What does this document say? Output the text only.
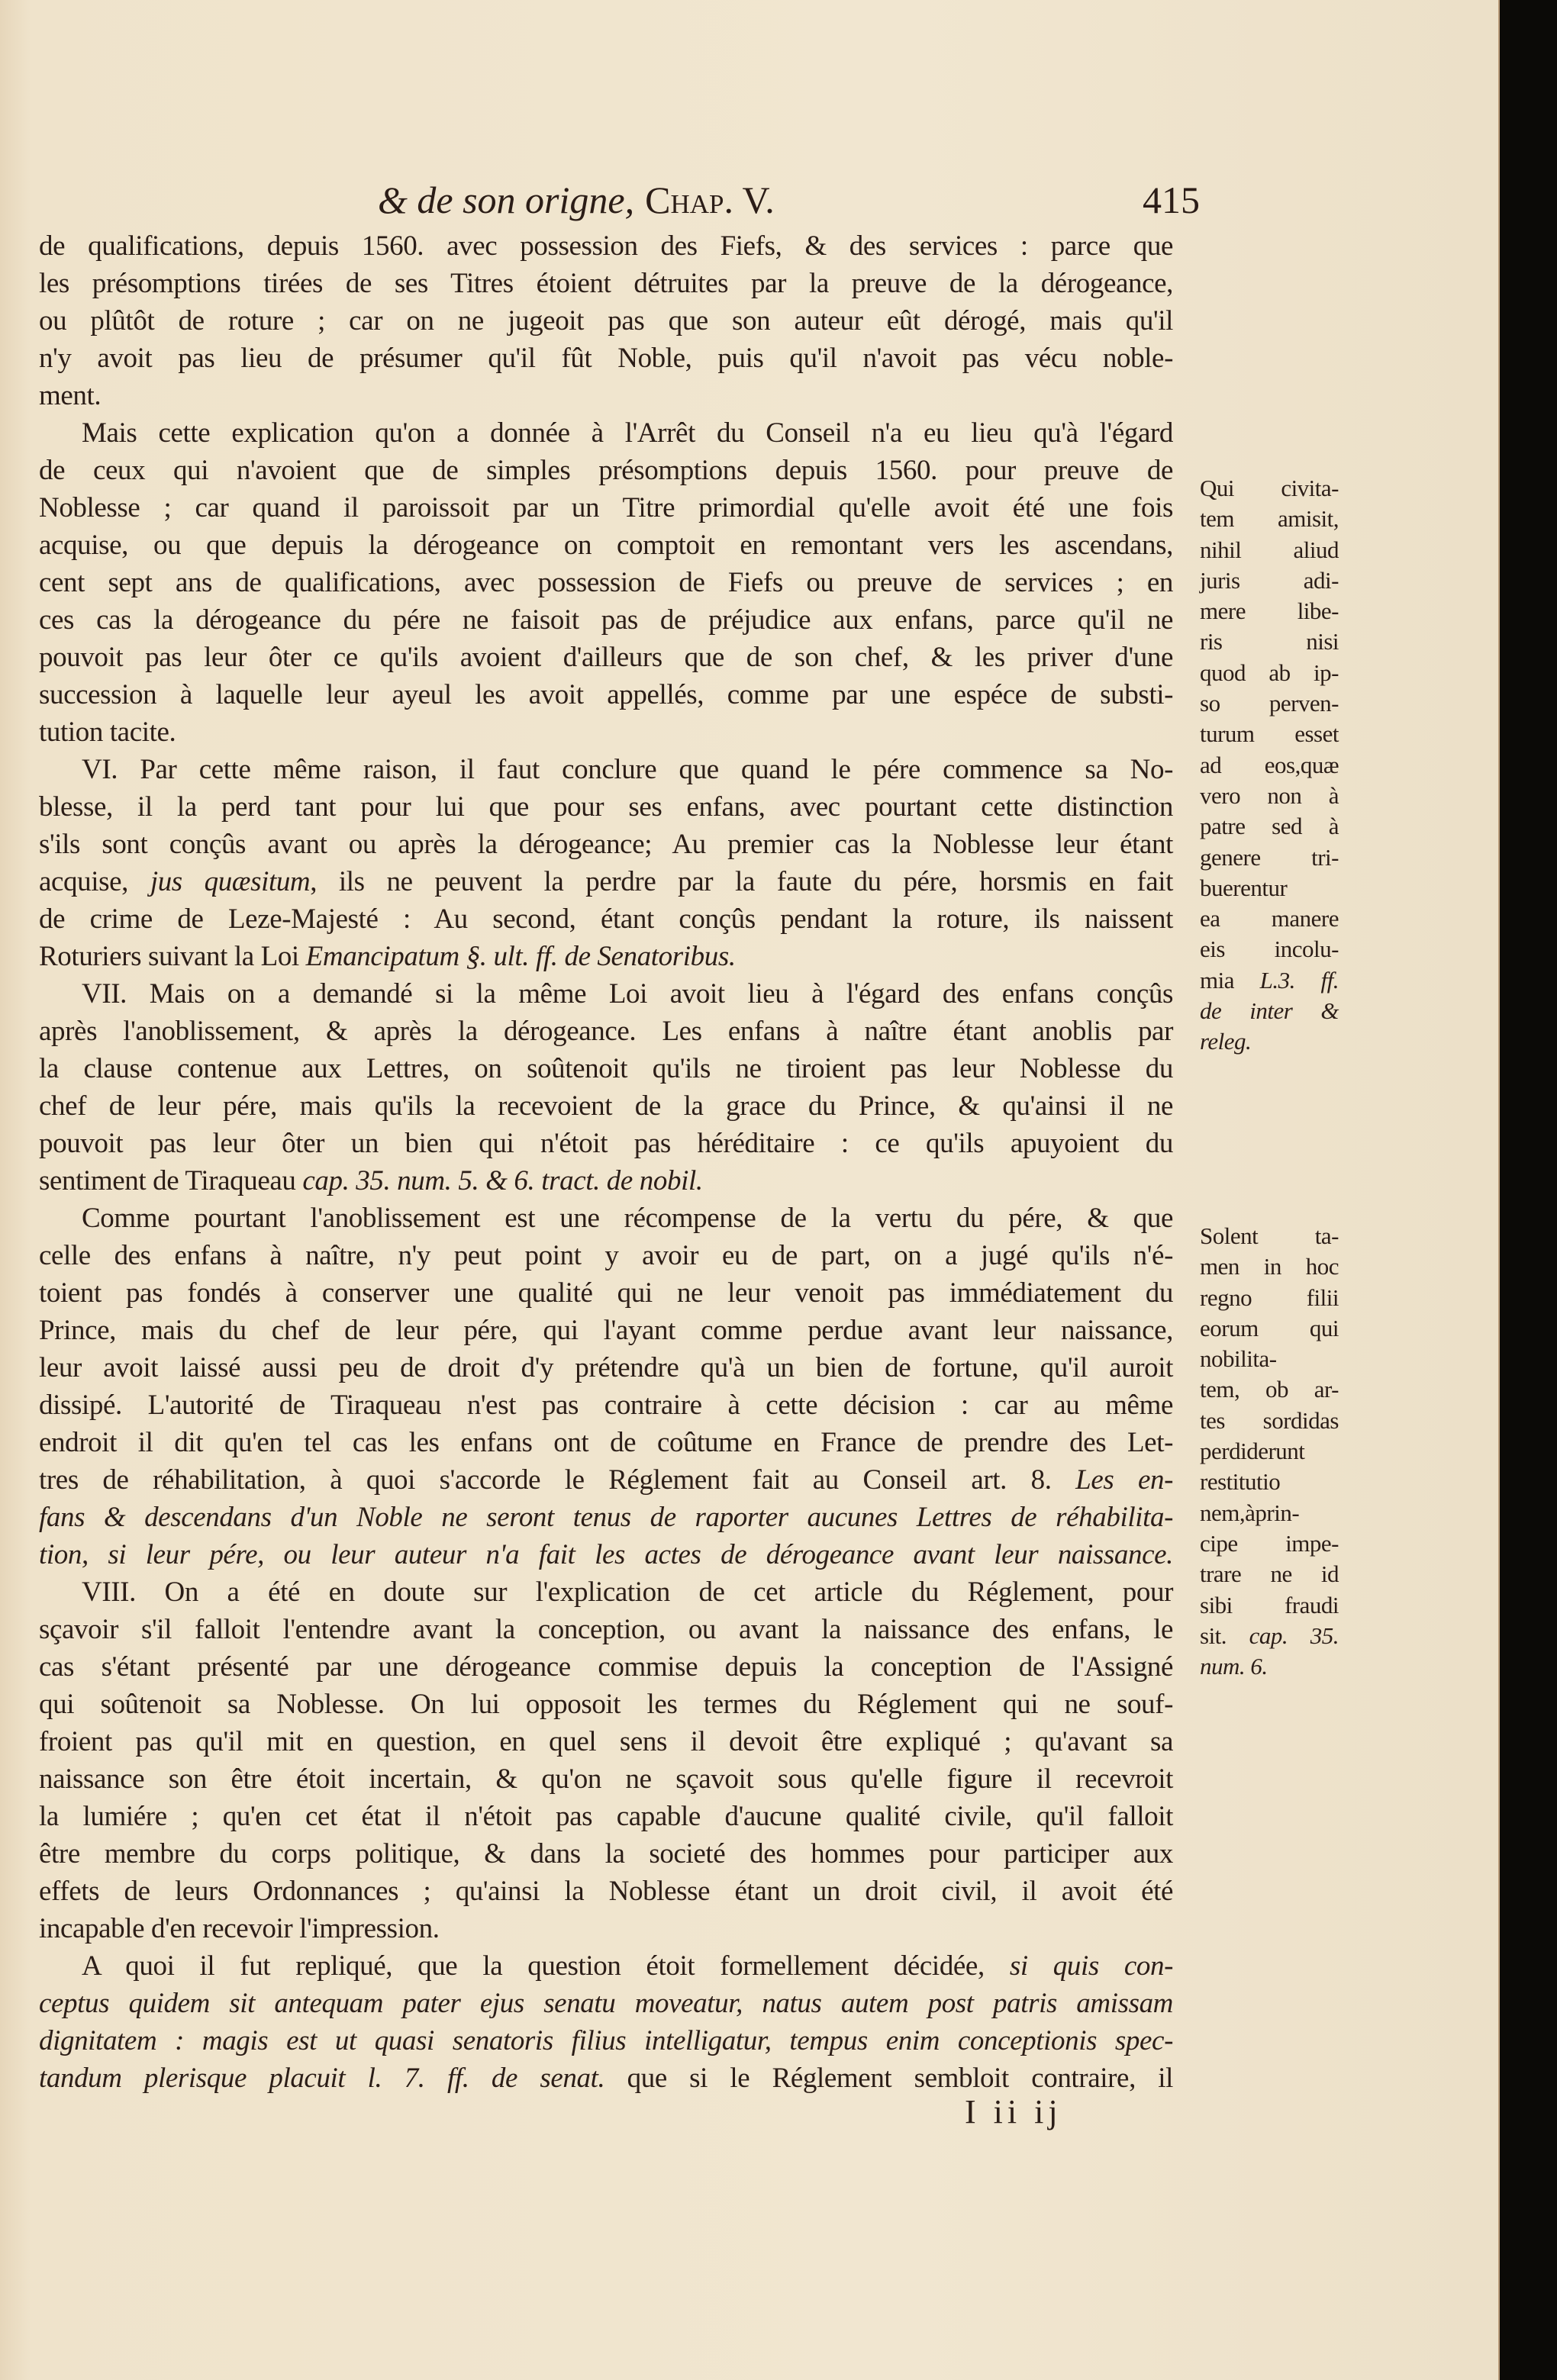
& de son origne, Chap. V.	415
de qualifications, depuis 1560. avec possession des Fiefs, & des services : parce que
les présomptions tirées de ses Titres étoient détruites par la preuve de la dérogeance,
ou plûtôt de roture ; car on ne jugeoit pas que son auteur eût dérogé, mais qu'il
n'y avoit pas lieu de présumer qu'il fût Noble, puis qu'il n'avoit pas vécu noble-
ment.
Mais cette explication qu'on a donnée à l'Arrêt du Conseil n'a eu lieu qu'à l'égard
de ceux qui n'avoient que de simples présomptions depuis 1560. pour preuve de
Noblesse ; car quand il paroissoit par un Titre primordial qu'elle avoit été une fois
acquise, ou que depuis la dérogeance on comptoit en remontant vers les ascendans,
cent sept ans de qualifications, avec possession de Fiefs ou preuve de services ; en
ces cas la dérogeance du pére ne faisoit pas de préjudice aux enfans, parce qu'il ne
pouvoit pas leur ôter ce qu'ils avoient d'ailleurs que de son chef, & les priver d'une
succession à laquelle leur ayeul les avoit appellés, comme par une espéce de substi-
tution tacite.
VI. Par cette même raison, il faut conclure que quand le pére commence sa No-
blesse, il la perd tant pour lui que pour ses enfans, avec pourtant cette distinction
s'ils sont conçûs avant ou après la dérogeance; Au premier cas la Noblesse leur étant
acquise, jus quæsitum, ils ne peuvent la perdre par la faute du pére, horsmis en fait
de crime de Leze-Majesté : Au second, étant conçûs pendant la roture, ils naissent
Roturiers suivant la Loi Emancipatum §. ult. ff. de Senatoribus.
VII. Mais on a demandé si la même Loi avoit lieu à l'égard des enfans conçûs
après l'anoblissement, & après la dérogeance. Les enfans à naître étant anoblis par
la clause contenue aux Lettres, on soûtenoit qu'ils ne tiroient pas leur Noblesse du
chef de leur pére, mais qu'ils la recevoient de la grace du Prince, & qu'ainsi il ne
pouvoit pas leur ôter un bien qui n'étoit pas héréditaire : ce qu'ils apuyoient du
sentiment de Tiraqueau cap. 35. num. 5. & 6. tract. de nobil.
Comme pourtant l'anoblissement est une récompense de la vertu du pére, & que
celle des enfans à naître, n'y peut point y avoir eu de part, on a jugé qu'ils n'é-
toient pas fondés à conserver une qualité qui ne leur venoit pas immédiatement du
Prince, mais du chef de leur pére, qui l'ayant comme perdue avant leur naissance,
leur avoit laissé aussi peu de droit d'y prétendre qu'à un bien de fortune, qu'il auroit
dissipé. L'autorité de Tiraqueau n'est pas contraire à cette décision : car au même
endroit il dit qu'en tel cas les enfans ont de coûtume en France de prendre des Let-
tres de réhabilitation, à quoi s'accorde le Réglement fait au Conseil art. 8. Les en-
fans & descendans d'un Noble ne seront tenus de raporter aucunes Lettres de réhabilita-
tion, si leur pére, ou leur auteur n'a fait les actes de dérogeance avant leur naissance.
VIII. On a été en doute sur l'explication de cet article du Réglement, pour
sçavoir s'il falloit l'entendre avant la conception, ou avant la naissance des enfans, le
cas s'étant présenté par une dérogeance commise depuis la conception de l'Assigné
qui soûtenoit sa Noblesse. On lui opposoit les termes du Réglement qui ne souf-
froient pas qu'il mit en question, en quel sens il devoit être expliqué ; qu'avant sa
naissance son être étoit incertain, & qu'on ne sçavoit sous qu'elle figure il recevroit
la lumiére ; qu'en cet état il n'étoit pas capable d'aucune qualité civile, qu'il falloit
être membre du corps politique, & dans la societé des hommes pour participer aux
effets de leurs Ordonnances ; qu'ainsi la Noblesse étant un droit civil, il avoit été
incapable d'en recevoir l'impression.
A quoi il fut repliqué, que la question étoit formellement décidée, si quis con-
ceptus quidem sit antequam pater ejus senatu moveatur, natus autem post patris amissam
dignitatem : magis est ut quasi senatoris filius intelligatur, tempus enim conceptionis spec-
tandum plerisque placuit l. 7. ff. de senat. que si le Réglement sembloit contraire, il
Qui civita-
tem amisit,
nihil aliud
juris adi-
mere libe-
ris nisi
quod ab ip-
so perven-
turum esset
ad eos,quæ
vero non à
patre sed à
genere tri-
buerentur
ea manere
eis incolu-
mia L.3. ff.
de inter &
releg.
Solent ta-
men in hoc
regno filii
eorum qui
nobilita-
tem, ob ar-
tes sordidas
perdiderunt
restitutio
nem,àprin-
cipe impe-
trare ne id
sibi fraudi
sit. cap. 35.
num. 6.
I ii ij
